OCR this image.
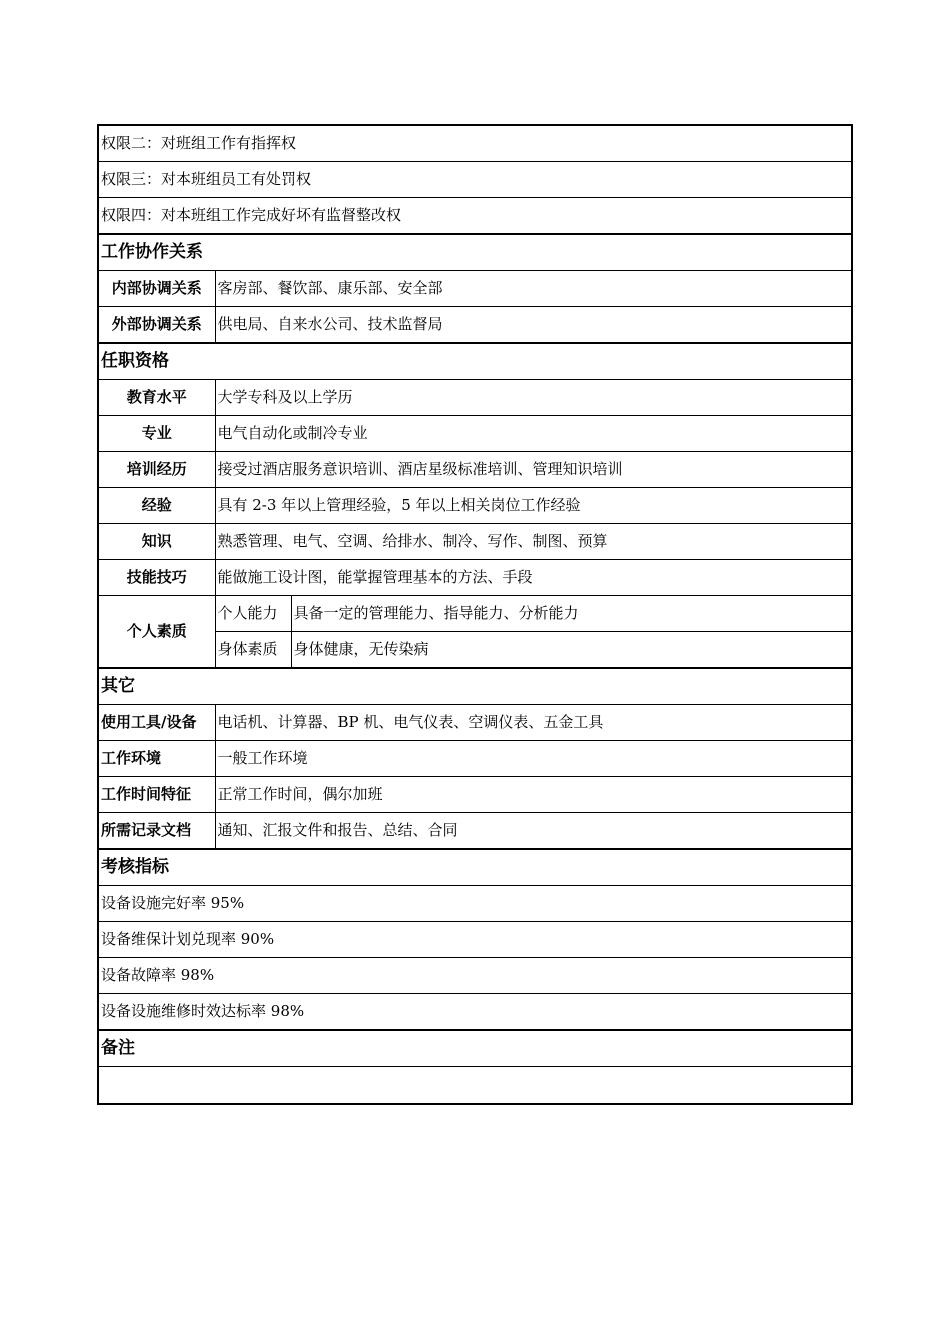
权限二：对班组工作有指挥权		
权限三：对本班组员工有处罚权		
权限四：对本班组工作完成好坏有监督整改权		
工作协作关系		
内部协调关系	客房部、餐饮部、康乐部、安全部	
外部协调关系	供电局、自来水公司、技术监督局	
任职资格		
教育水平	大学专科及以上学历	
专业	电气自动化或制冷专业	
培训经历	接受过酒店服务意识培训、酒店星级标准培训、管理知识培训	
经验	具有 2-3 年以上管理经验，5 年以上相关岗位工作经验	
知识	熟悉管理、电气、空调、给排水、制冷、写作、制图、预算	
技能技巧	能做施工设计图，能掌握管理基本的方法、手段	
个人素质	个人能力	具备一定的管理能力、指导能力、分析能力
	身体素质	身体健康，无传染病
其它		
使用工具/设备	电话机、计算器、BP 机、电气仪表、空调仪表、五金工具	
工作环境	一般工作环境	
工作时间特征	正常工作时间，偶尔加班	
所需记录文档	通知、汇报文件和报告、总结、合同	
考核指标		
设备设施完好率 95%		
设备维保计划兑现率 90%		
设备故障率 98%		
设备设施维修时效达标率 98%		
备注		
